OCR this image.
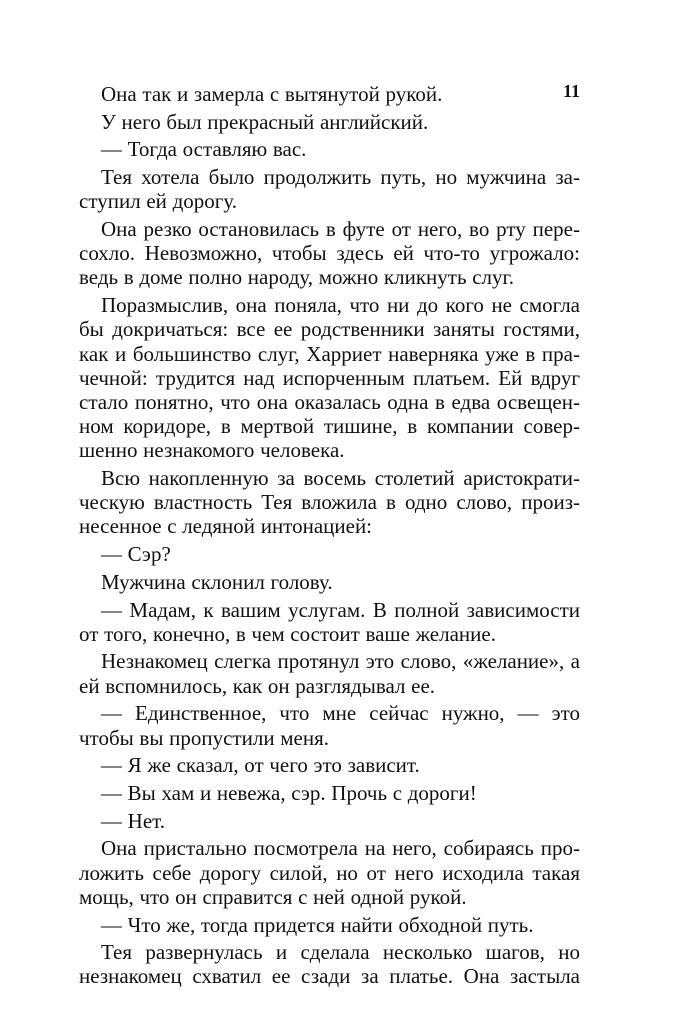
11

Она так и замерла с вытянутой рукой.

У него был прекрасный английский.

— Тогда оставляю вас.

Тея хотела было продолжить путь, но мужчина заступил ей дорогу.

Она резко остановилась в футе от него, во рту пересохло. Невозможно, чтобы здесь ей что-то угрожало: ведь в доме полно народу, можно кликнуть слуг.

Поразмыслив, она поняла, что ни до кого не смогла бы докричаться: все ее родственники заняты гостями, как и большинство слуг, Харриет наверняка уже в прачечной: трудится над испорченным платьем. Ей вдруг стало понятно, что она оказалась одна в едва освещенном коридоре, в мертвой тишине, в компании совершенно незнакомого человека.

Всю накопленную за восемь столетий аристократическую властность Тея вложила в одно слово, произнесенное с ледяной интонацией:

— Сэр?

Мужчина склонил голову.

— Мадам, к вашим услугам. В полной зависимости от того, конечно, в чем состоит ваше желание.

Незнакомец слегка протянул это слово, «желание», а ей вспомнилось, как он разглядывал ее.

— Единственное, что мне сейчас нужно, — это чтобы вы пропустили меня.

— Я же сказал, от чего это зависит.

— Вы хам и невежа, сэр. Прочь с дороги!

— Нет.

Она пристально посмотрела на него, собираясь проложить себе дорогу силой, но от него исходила такая мощь, что он справится с ней одной рукой.

— Что же, тогда придется найти обходной путь.

Тея развернулась и сделала несколько шагов, но незнакомец схватил ее сзади за платье. Она застыла
